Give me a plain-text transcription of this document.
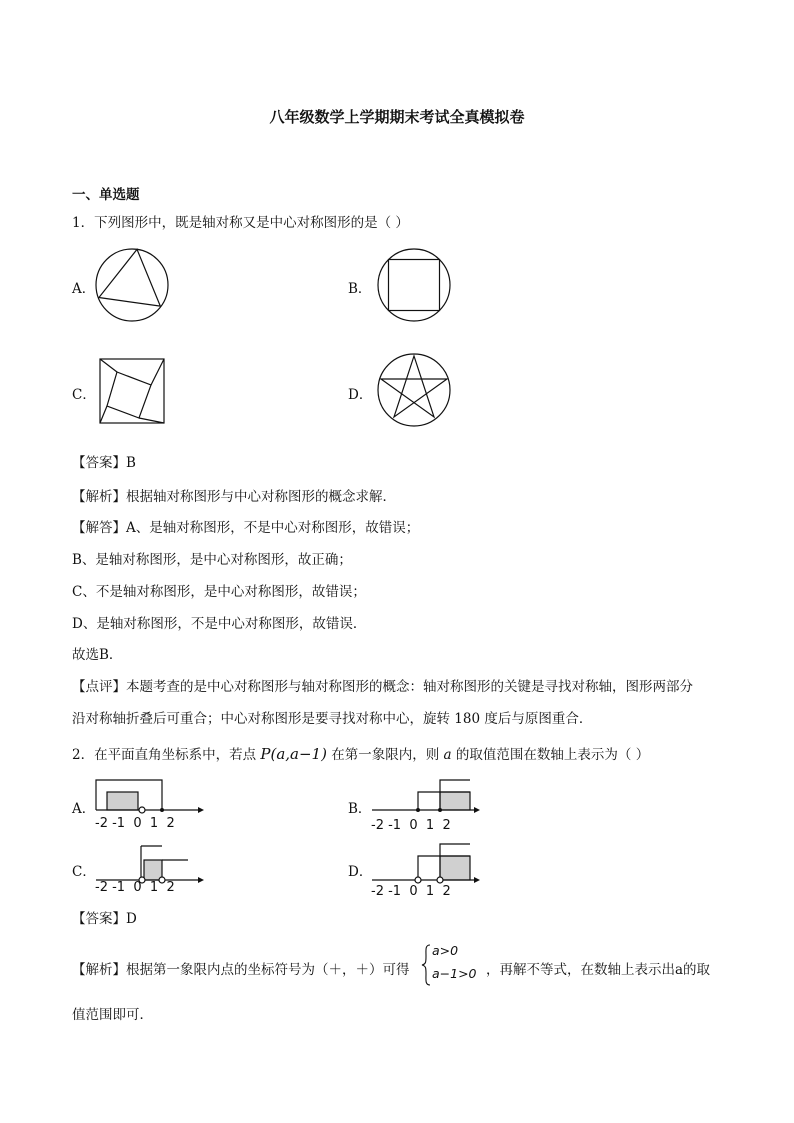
八年级数学上学期期末考试全真模拟卷
一、单选题
1．下列图形中，既是轴对称又是中心对称图形的是（ ）
A．	B．
C．	D．
【答案】B
【解析】根据轴对称图形与中心对称图形的概念求解．
【解答】A、是轴对称图形，不是中心对称图形，故错误；
B、是轴对称图形，是中心对称图形，故正确；
C、不是轴对称图形，是中心对称图形，故错误；
D、是轴对称图形，不是中心对称图形，故错误．
故选B．
【点评】本题考查的是中心对称图形与轴对称图形的概念：轴对称图形的关键是寻找对称轴，图形两部分
沿对称轴折叠后可重合；中心对称图形是要寻找对称中心，旋转 180 度后与原图重合．
2．在平面直角坐标系中，若点 P(a,a−1) 在第一象限内，则 a 的取值范围在数轴上表示为（ ）
A．
-2 -1 0 1 2
B．
-2 -1 0 1 2
C．
-2 -1 0 1 2
D．
-2 -1 0 1 2
【答案】D
【解析】根据第一象限内点的坐标符号为（＋，＋）可得
a>0
a−1>0 ，再解不等式，在数轴上表示出a的取
值范围即可．
